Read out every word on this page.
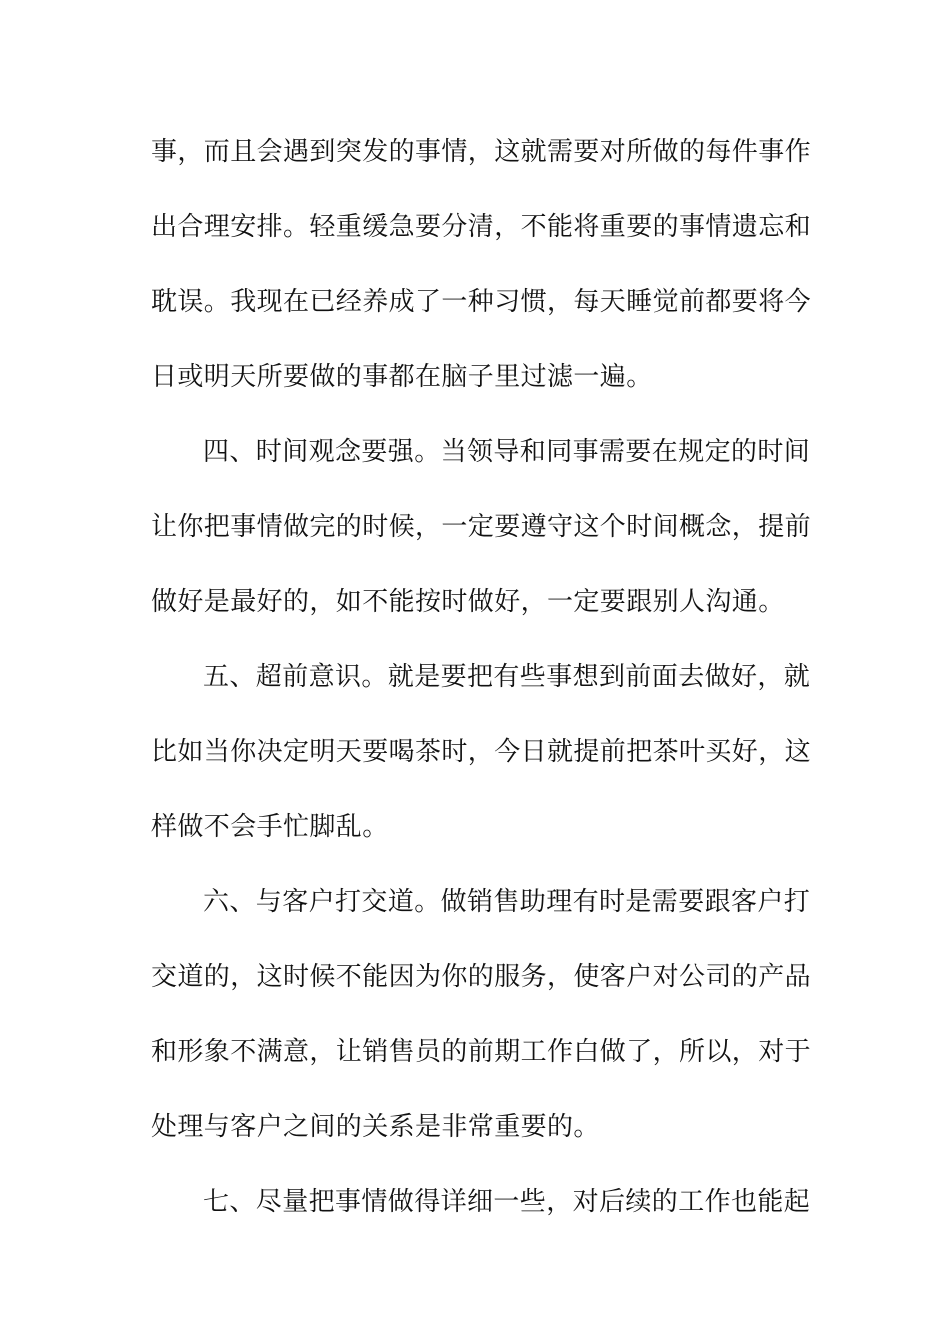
事，而且会遇到突发的事情，这就需要对所做的每件事作
出合理安排。轻重缓急要分清，不能将重要的事情遗忘和
耽误。我现在已经养成了一种习惯，每天睡觉前都要将今
日或明天所要做的事都在脑子里过滤一遍。
四、时间观念要强。当领导和同事需要在规定的时间
让你把事情做完的时候，一定要遵守这个时间概念，提前
做好是最好的，如不能按时做好，一定要跟别人沟通。
五、超前意识。就是要把有些事想到前面去做好，就
比如当你决定明天要喝茶时，今日就提前把茶叶买好，这
样做不会手忙脚乱。
六、与客户打交道。做销售助理有时是需要跟客户打
交道的，这时候不能因为你的服务，使客户对公司的产品
和形象不满意，让销售员的前期工作白做了，所以，对于
处理与客户之间的关系是非常重要的。
七、尽量把事情做得详细一些，对后续的工作也能起
